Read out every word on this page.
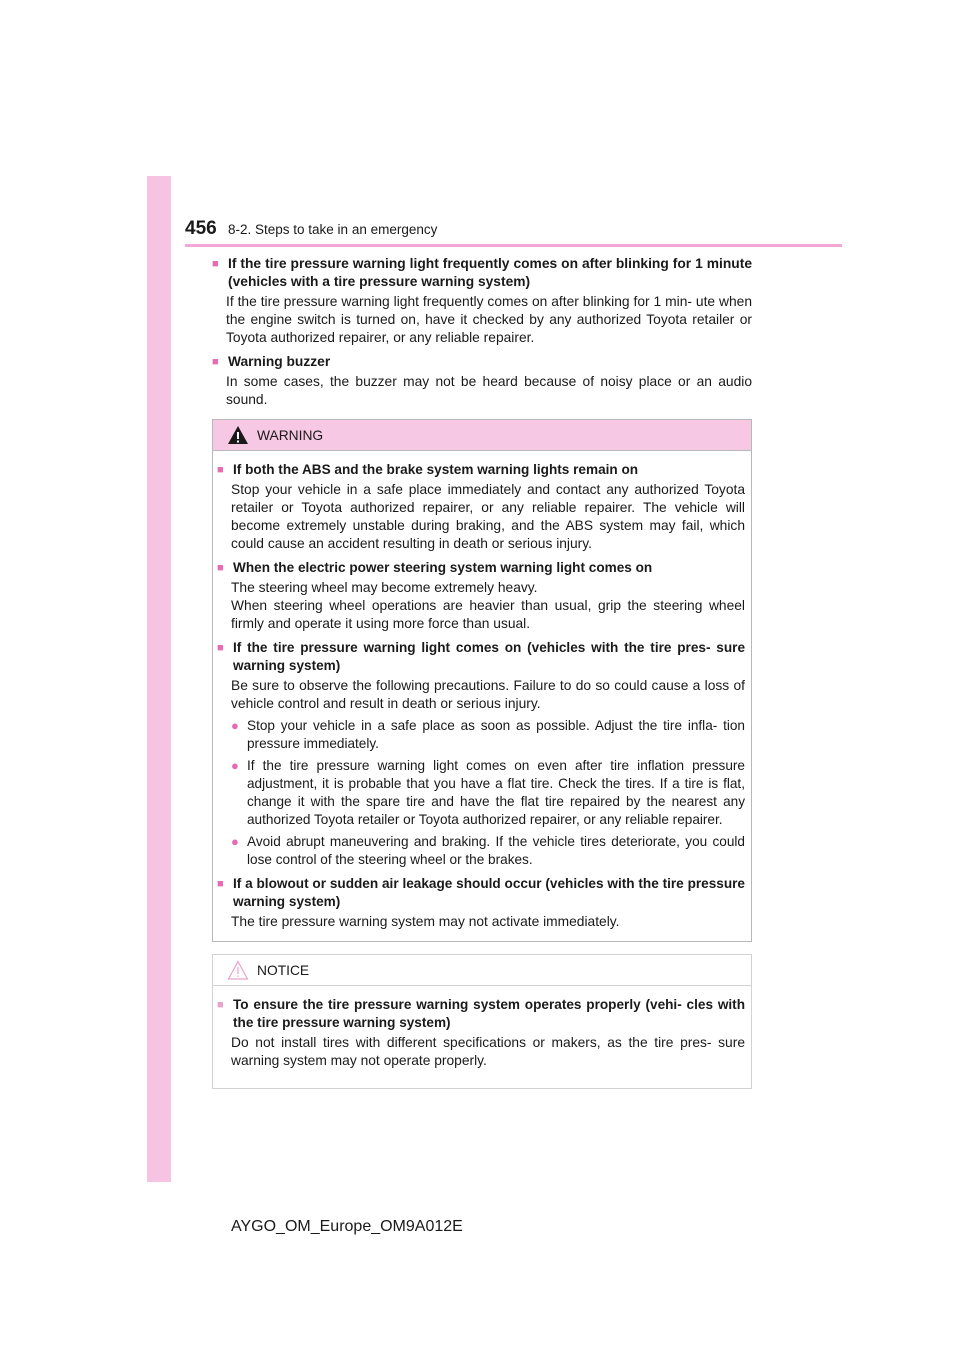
456 8-2. Steps to take in an emergency
■ If the tire pressure warning light frequently comes on after blinking for 1 minute (vehicles with a tire pressure warning system)
If the tire pressure warning light frequently comes on after blinking for 1 min- ute when the engine switch is turned on, have it checked by any authorized Toyota retailer or Toyota authorized repairer, or any reliable repairer.
■ Warning buzzer
In some cases, the buzzer may not be heard because of noisy place or an audio sound.
WARNING
■ If both the ABS and the brake system warning lights remain on
Stop your vehicle in a safe place immediately and contact any authorized Toyota retailer or Toyota authorized repairer, or any reliable repairer. The vehicle will become extremely unstable during braking, and the ABS system may fail, which could cause an accident resulting in death or serious injury.
■ When the electric power steering system warning light comes on
The steering wheel may become extremely heavy.
When steering wheel operations are heavier than usual, grip the steering wheel firmly and operate it using more force than usual.
■ If the tire pressure warning light comes on (vehicles with the tire pres- sure warning system)
Be sure to observe the following precautions. Failure to do so could cause a loss of vehicle control and result in death or serious injury.
● Stop your vehicle in a safe place as soon as possible. Adjust the tire infla- tion pressure immediately.
● If the tire pressure warning light comes on even after tire inflation pressure adjustment, it is probable that you have a flat tire. Check the tires. If a tire is flat, change it with the spare tire and have the flat tire repaired by the nearest any authorized Toyota retailer or Toyota authorized repairer, or any reliable repairer.
● Avoid abrupt maneuvering and braking. If the vehicle tires deteriorate, you could lose control of the steering wheel or the brakes.
■ If a blowout or sudden air leakage should occur (vehicles with the tire pressure warning system)
The tire pressure warning system may not activate immediately.
NOTICE
■ To ensure the tire pressure warning system operates properly (vehi- cles with the tire pressure warning system)
Do not install tires with different specifications or makers, as the tire pres- sure warning system may not operate properly.
AYGO_OM_Europe_OM9A012E
